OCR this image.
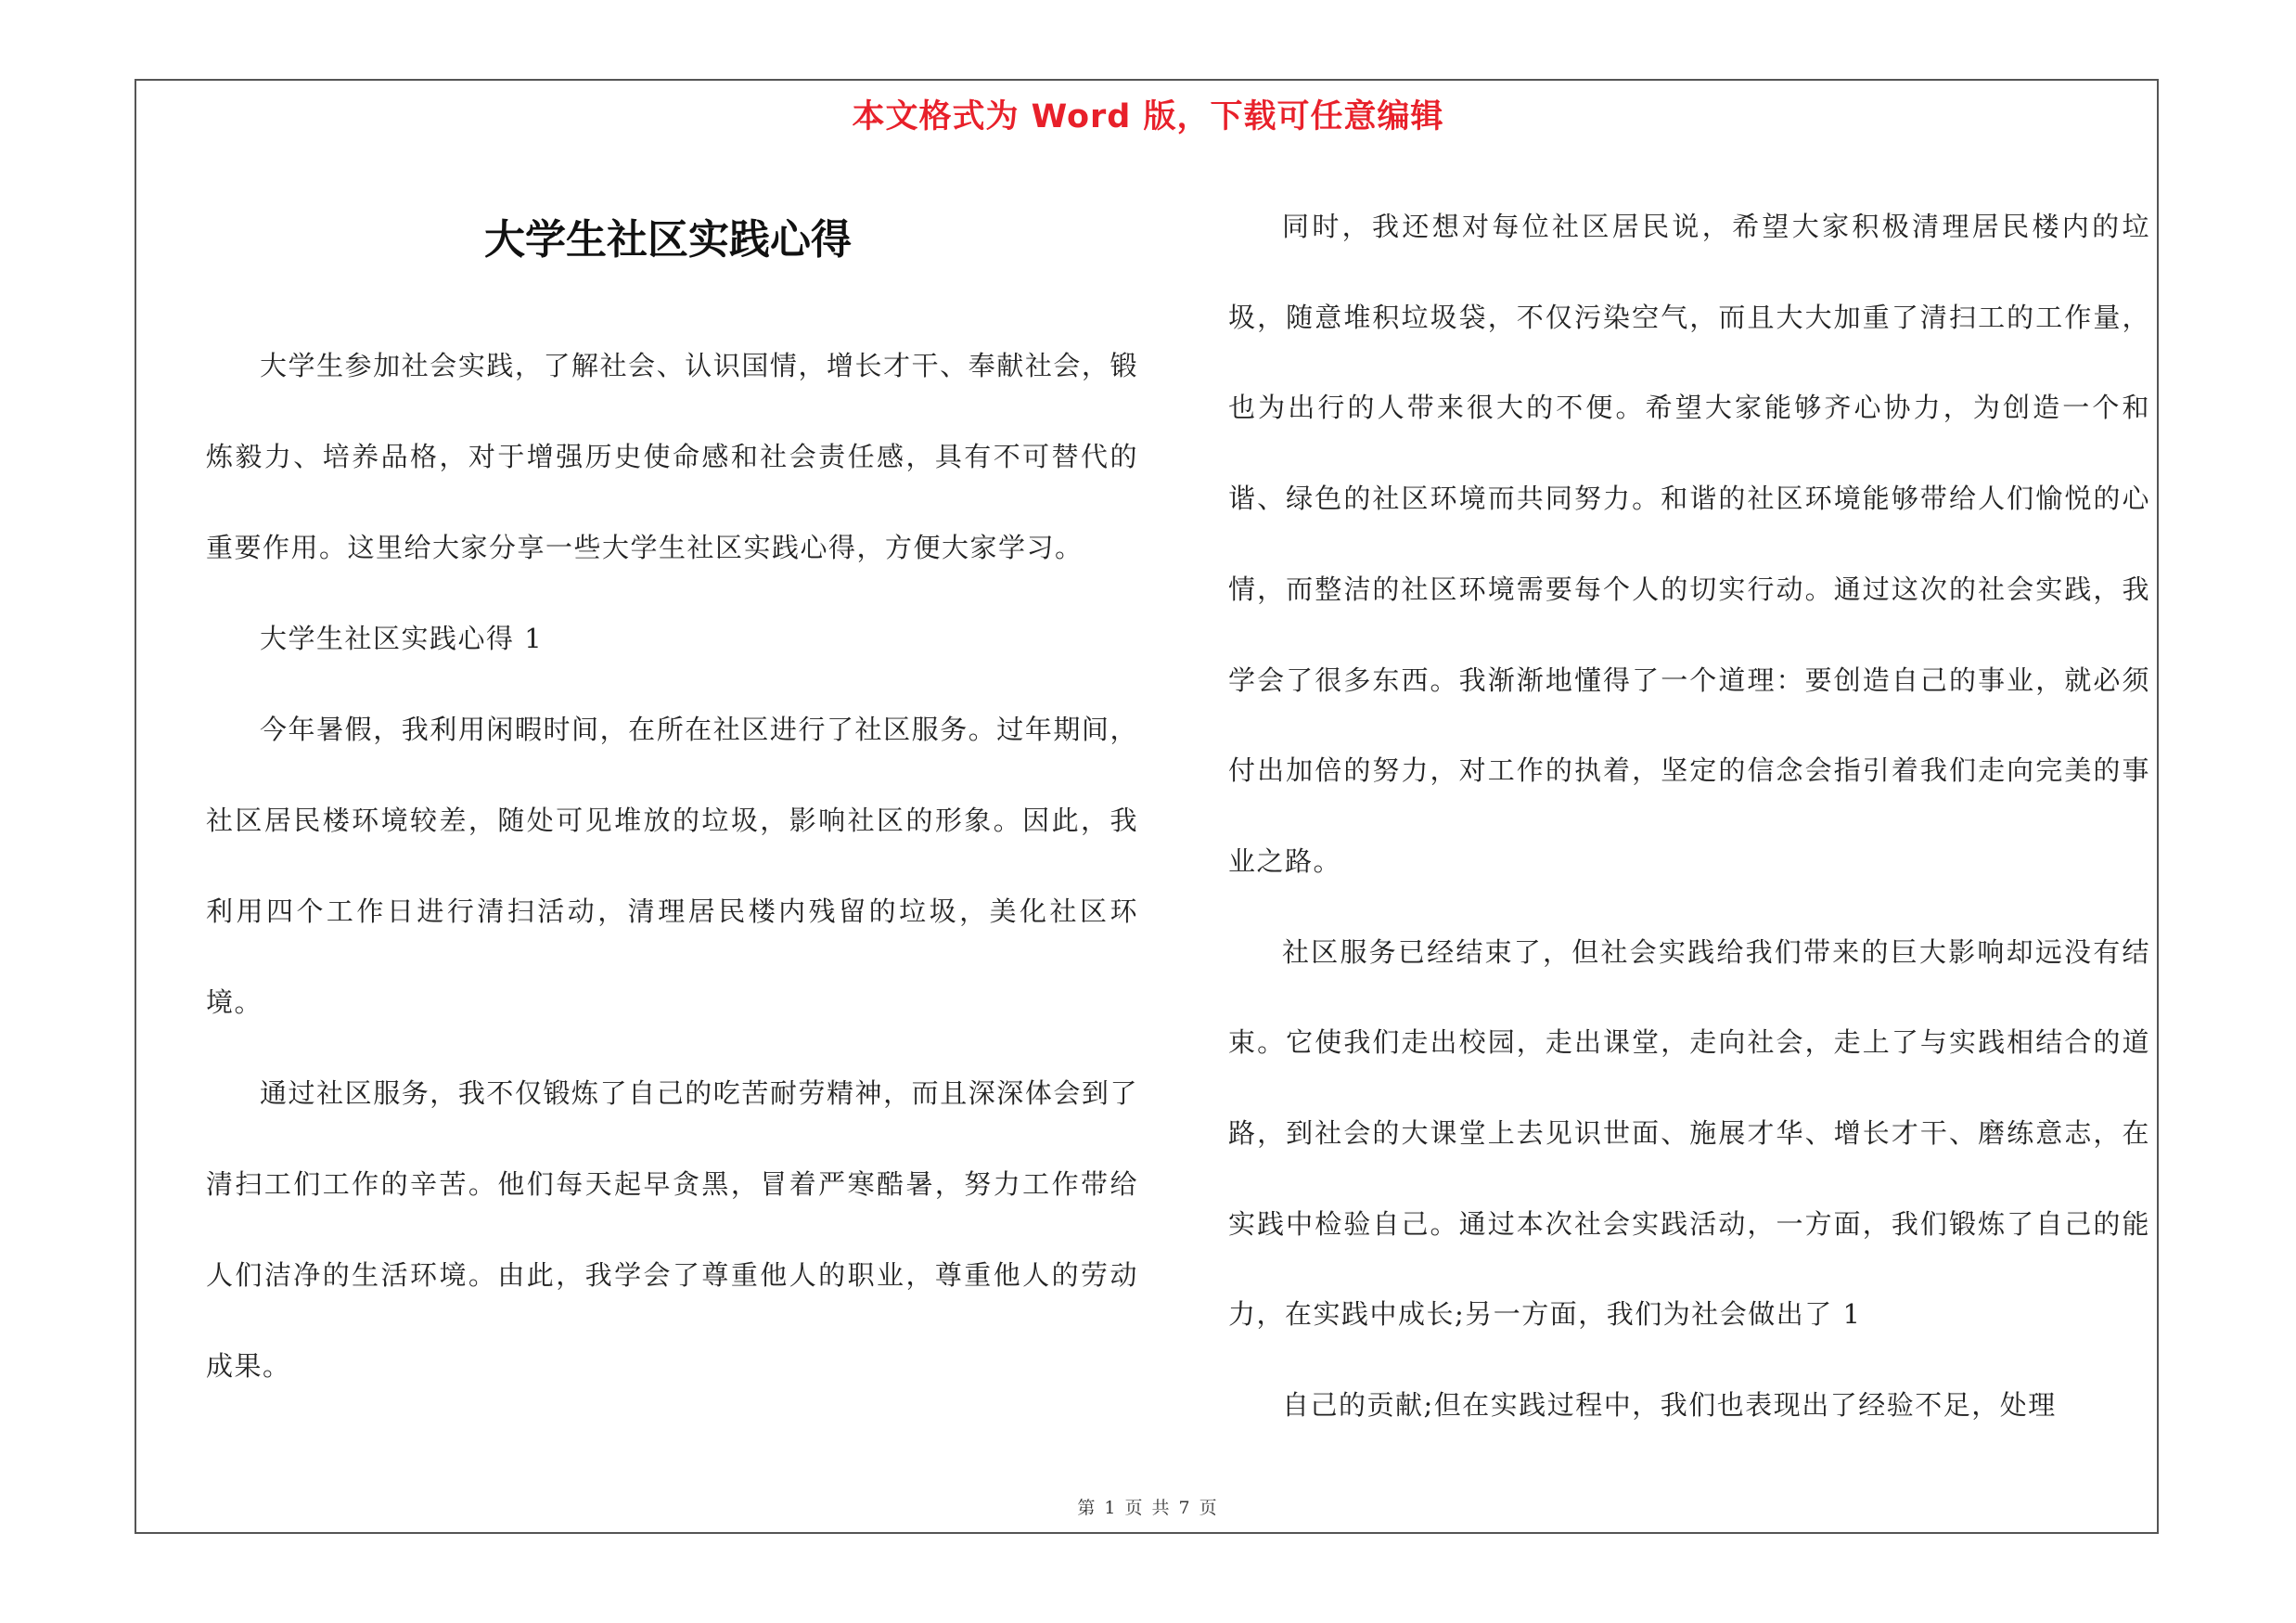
本文格式为 Word 版，下载可任意编辑
大学生社区实践心得

大学生参加社会实践，了解社会、认识国情，增长才干、奉献社会，锻炼毅力、培养品格，对于增强历史使命感和社会责任感，具有不可替代的重要作用。这里给大家分享一些大学生社区实践心得，方便大家学习。

大学生社区实践心得 1

今年暑假，我利用闲暇时间，在所在社区进行了社区服务。过年期间，社区居民楼环境较差，随处可见堆放的垃圾，影响社区的形象。因此，我利用四个工作日进行清扫活动，清理居民楼内残留的垃圾，美化社区环境。

通过社区服务，我不仅锻炼了自己的吃苦耐劳精神，而且深深体会到了清扫工们工作的辛苦。他们每天起早贪黑，冒着严寒酷暑，努力工作带给人们洁净的生活环境。由此，我学会了尊重他人的职业，尊重他人的劳动成果。

同时，我还想对每位社区居民说，希望大家积极清理居民楼内的垃圾，随意堆积垃圾袋，不仅污染空气，而且大大加重了清扫工的工作量，也为出行的人带来很大的不便。希望大家能够齐心协力，为创造一个和谐、绿色的社区环境而共同努力。和谐的社区环境能够带给人们愉悦的心情，而整洁的社区环境需要每个人的切实行动。通过这次的社会实践，我学会了很多东西。我渐渐地懂得了一个道理：要创造自己的事业，就必须付出加倍的努力，对工作的执着，坚定的信念会指引着我们走向完美的事业之路。

社区服务已经结束了，但社会实践给我们带来的巨大影响却远没有结束。它使我们走出校园，走出课堂，走向社会，走上了与实践相结合的道路，到社会的大课堂上去见识世面、施展才华、增长才干、磨练意志，在实践中检验自己。通过本次社会实践活动，一方面，我们锻炼了自己的能力，在实践中成长;另一方面，我们为社会做出了 1

自己的贡献;但在实践过程中，我们也表现出了经验不足，处理

第 1 页 共 7 页
